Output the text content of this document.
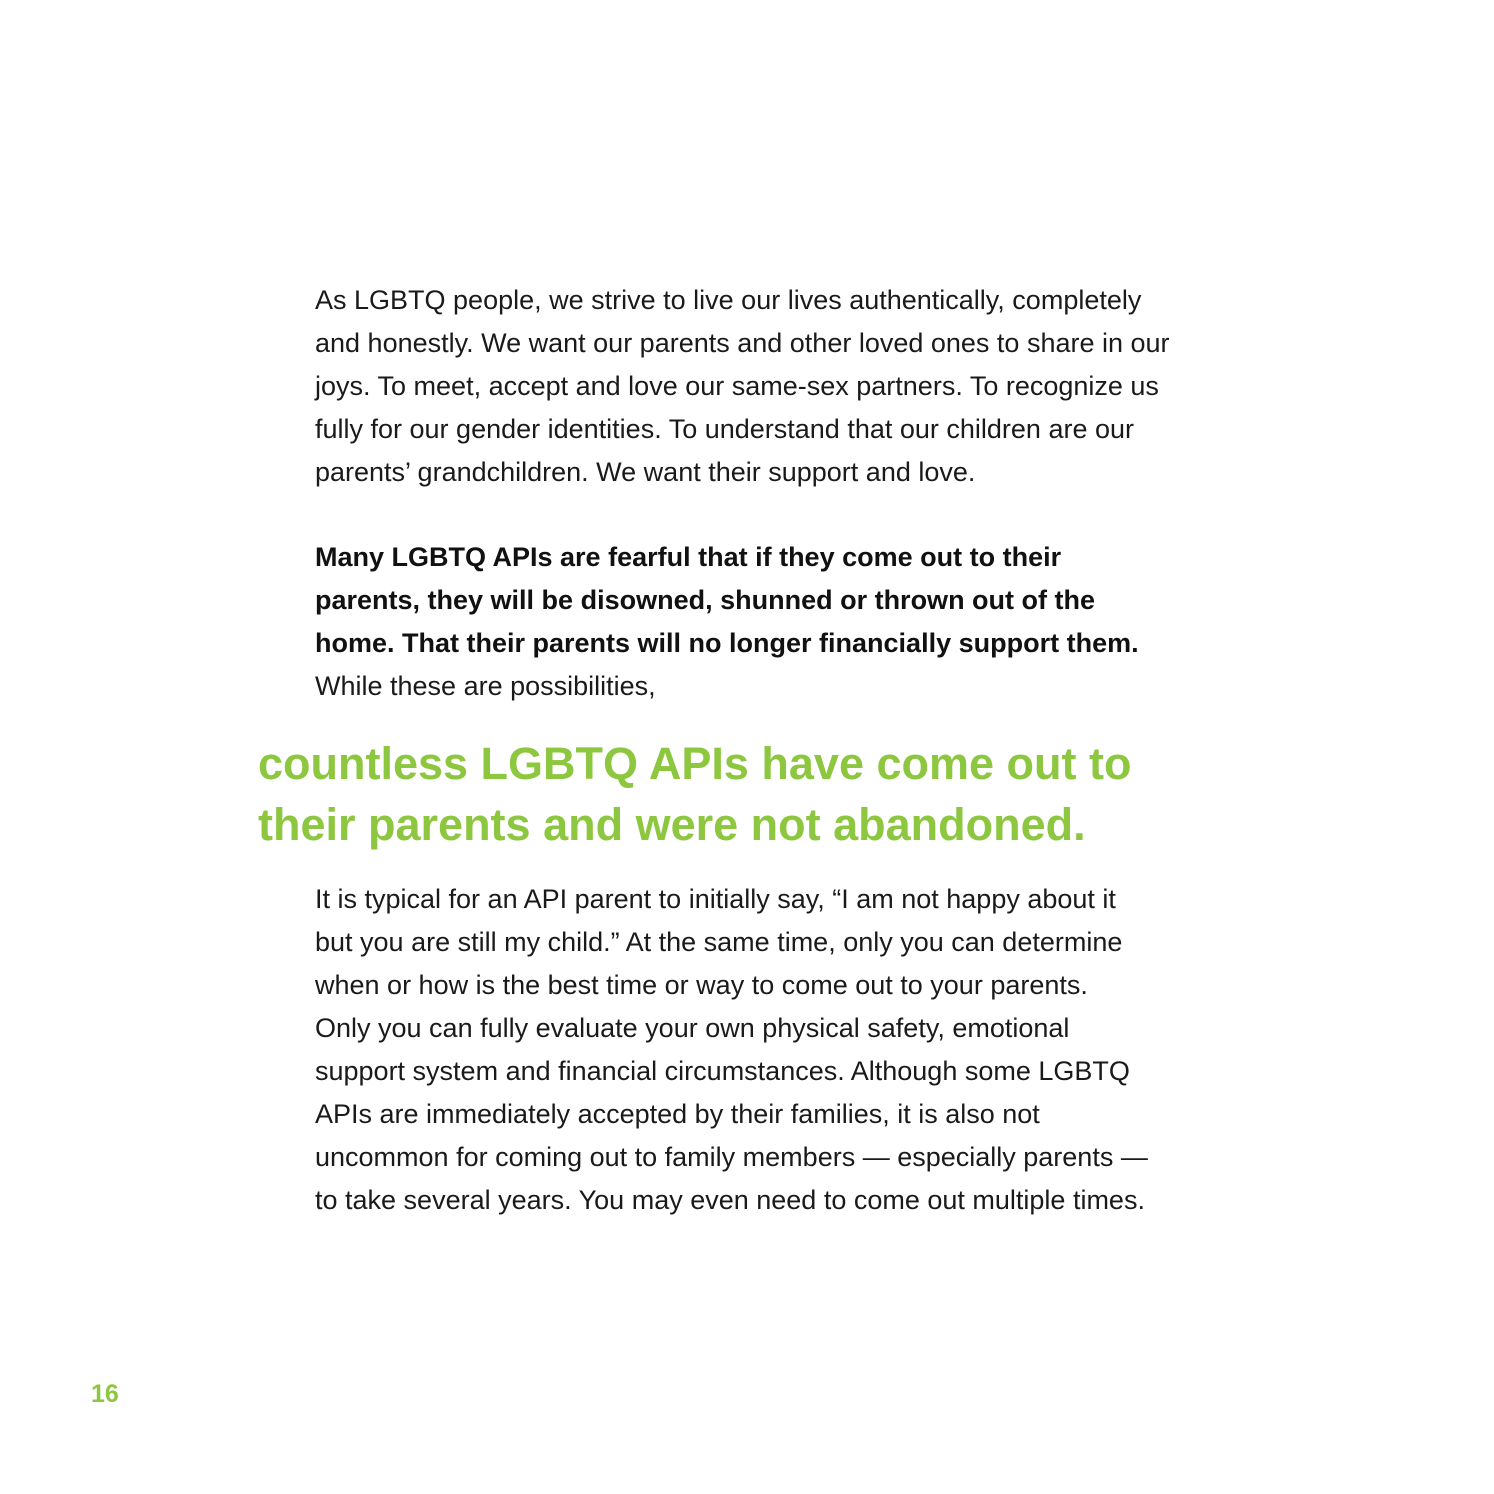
As LGBTQ people, we strive to live our lives authentically, completely
and honestly. We want our parents and other loved ones to share in our
joys. To meet, accept and love our same-sex partners. To recognize us
fully for our gender identities. To understand that our children are our
parents’ grandchildren. We want their support and love.
Many LGBTQ APIs are fearful that if they come out to their
parents, they will be disowned, shunned or thrown out of the
home. That their parents will no longer financially support them.
While these are possibilities,
countless LGBTQ APIs have come out to
their parents and were not abandoned.
It is typical for an API parent to initially say, “I am not happy about it
but you are still my child.” At the same time, only you can determine
when or how is the best time or way to come out to your parents.
Only you can fully evaluate your own physical safety, emotional
support system and financial circumstances. Although some LGBTQ
APIs are immediately accepted by their families, it is also not
uncommon for coming out to family members — especially parents —
to take several years. You may even need to come out multiple times.
16
